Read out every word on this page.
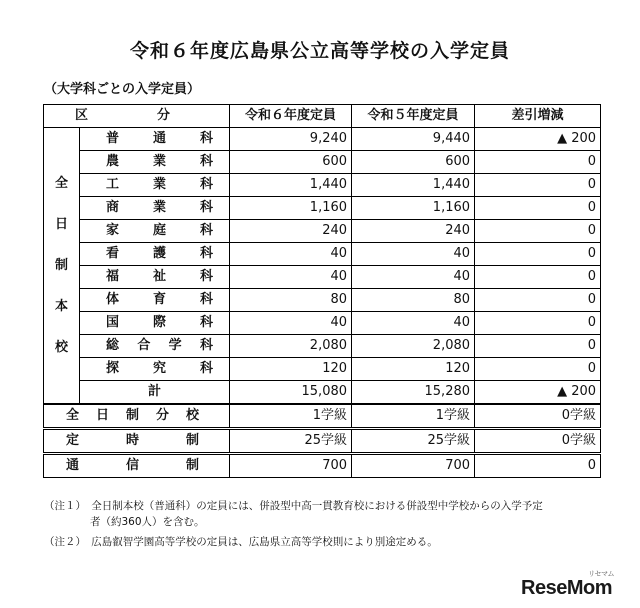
令和６年度広島県公立高等学校の入学定員
（大学科ごとの入学定員）
区　分		令和６年度定員	令和５年度定員	差引増減

全
日
制
本
校	普通科	9,240	9,440	▲ 200
	農業科	600	600	0
	工業科	1,440	1,440	0
	商業科	1,160	1,160	0
	家庭科	240	240	0
	看護科	40	40	0
	福祉科	40	40	0
	体育科	80	80	0
	国際科	40	40	0
	総合学科	2,080	2,080	0
	探究科	120	120	0
	計	15,080	15,280	▲ 200
全日制分校		1学級	1学級	0学級
定時制		25学級	25学級	0学級
通信制		700	700	0
（注１）　 全日制本校（普通科）の定員には、併設型中高一貫教育校における併設型中学校からの入学予定
者（約360人）を含む。
（注２）　 広島叡智学園高等学校の定員は、広島県立高等学校則により別途定める。
ReseMom
リセマム
